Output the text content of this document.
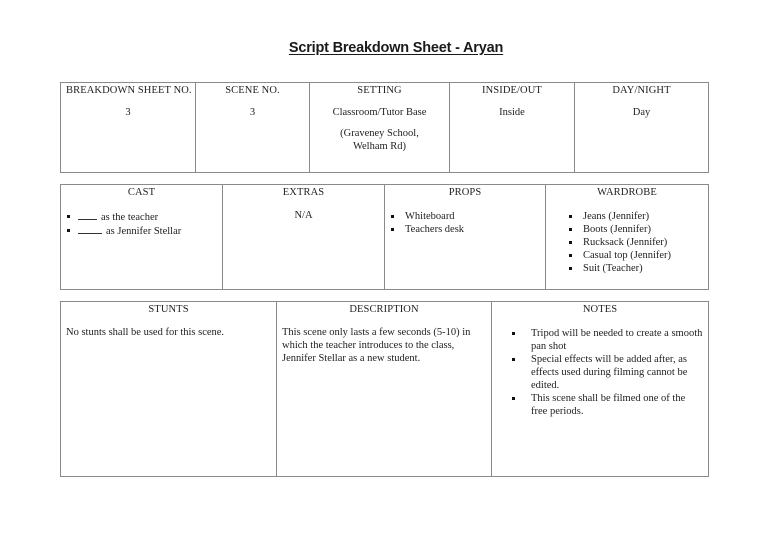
Script Breakdown Sheet - Aryan
BREAKDOWN SHEET NO.
3

SCENE NO.
3

SETTING
Classroom/Tutor Base
(Graveney School,
Welham Rd)

INSIDE/OUT
Inside

DAY/NIGHT
Day
CAST
as the teacher
as Jennifer Stellar

EXTRAS
N/A

PROPS
Whiteboard
Teachers desk

WARDROBE
Jeans (Jennifer)
Boots (Jennifer)
Rucksack (Jennifer)
Casual top (Jennifer)
Suit (Teacher)
STUNTS
No stunts shall be used for this scene.

DESCRIPTION
This scene only lasts a few seconds (5-10) in which the teacher introduces to the class, Jennifer Stellar as a new student.

NOTES
Tripod will be needed to create a smooth pan shot
Special effects will be added after, as effects used during filming cannot be edited.
This scene shall be filmed one of the free periods.
